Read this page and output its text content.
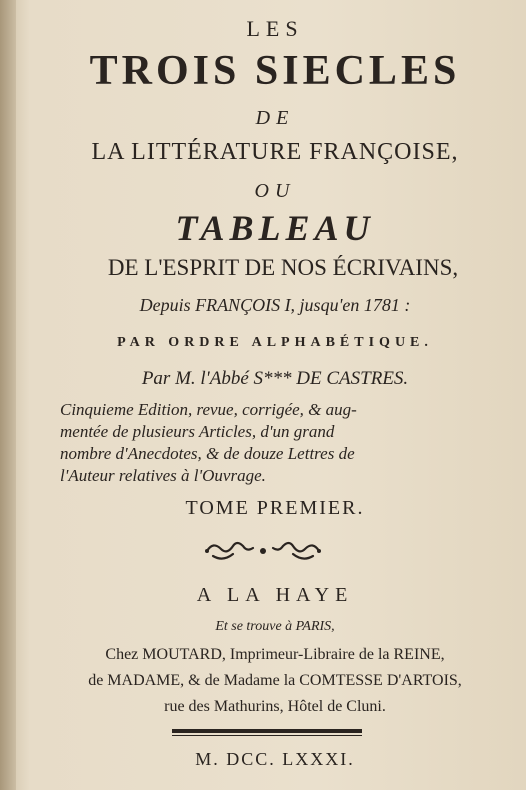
LES
TROIS SIECLES
DE
LA LITTÉRATURE FRANÇOISE,
OU
TABLEAU
DE L'ESPRIT DE NOS ÉCRIVAINS,
Depuis FRANÇOIS I, jusqu'en 1781 :
PAR ORDRE ALPHABÉTIQUE.
Par M. l'Abbé S*** DE CASTRES.
Cinquieme Edition, revue, corrigée, & aug-
mentée de plusieurs Articles, d'un grand
nombre d'Anecdotes, & de douze Lettres de
l'Auteur relatives à l'Ouvrage.
TOME PREMIER.
A LA HAYE
Et se trouve à PARIS,
Chez MOUTARD, Imprimeur-Libraire de la REINE,
de MADAME, & de Madame la COMTESSE D'ARTOIS,
rue des Mathurins, Hôtel de Cluni.
M. DCC. LXXXI.
